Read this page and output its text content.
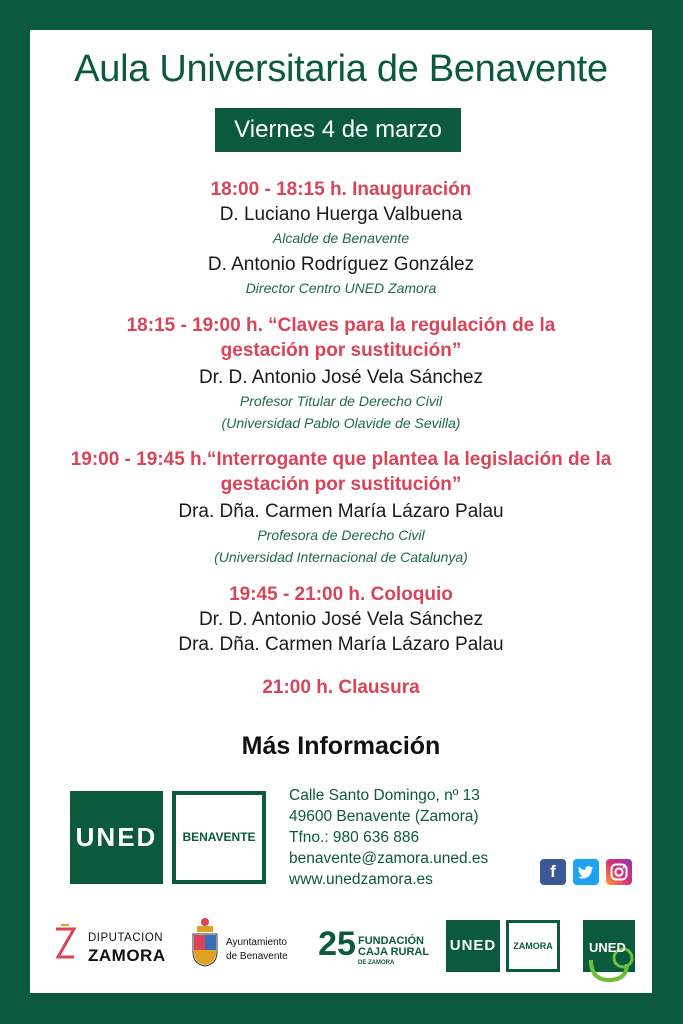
Aula Universitaria de Benavente
Viernes 4 de marzo
18:00 - 18:15 h. Inauguración
D. Luciano Huerga Valbuena
Alcalde de Benavente
D. Antonio Rodríguez González
Director Centro UNED Zamora
18:15 - 19:00 h. “Claves para la regulación de la
gestación por sustitución”
Dr. D. Antonio José Vela Sánchez
Profesor Titular de Derecho Civil
(Universidad Pablo Olavide de Sevilla)
19:00 - 19:45 h.“Interrogante que plantea la legislación de la
gestación por sustitución”
Dra. Dña. Carmen María Lázaro Palau
Profesora de Derecho Civil
(Universidad Internacional de Catalunya)
19:45 - 21:00 h. Coloquio
Dr. D. Antonio José Vela Sánchez
Dra. Dña. Carmen María Lázaro Palau
21:00 h. Clausura
Más Información
UNED	BENAVENTE
Calle Santo Domingo, nº 13
49600 Benavente (Zamora)
Tfno.: 980 636 886
benavente@zamora.uned.es
www.unedzamora.es	f
DIPUTACION
ZAMORA
Ayuntamiento
de Benavente 25 FUNDACIÓN
CAJA RURAL
DE ZAMORA
UNED	ZAMORA	UNED
